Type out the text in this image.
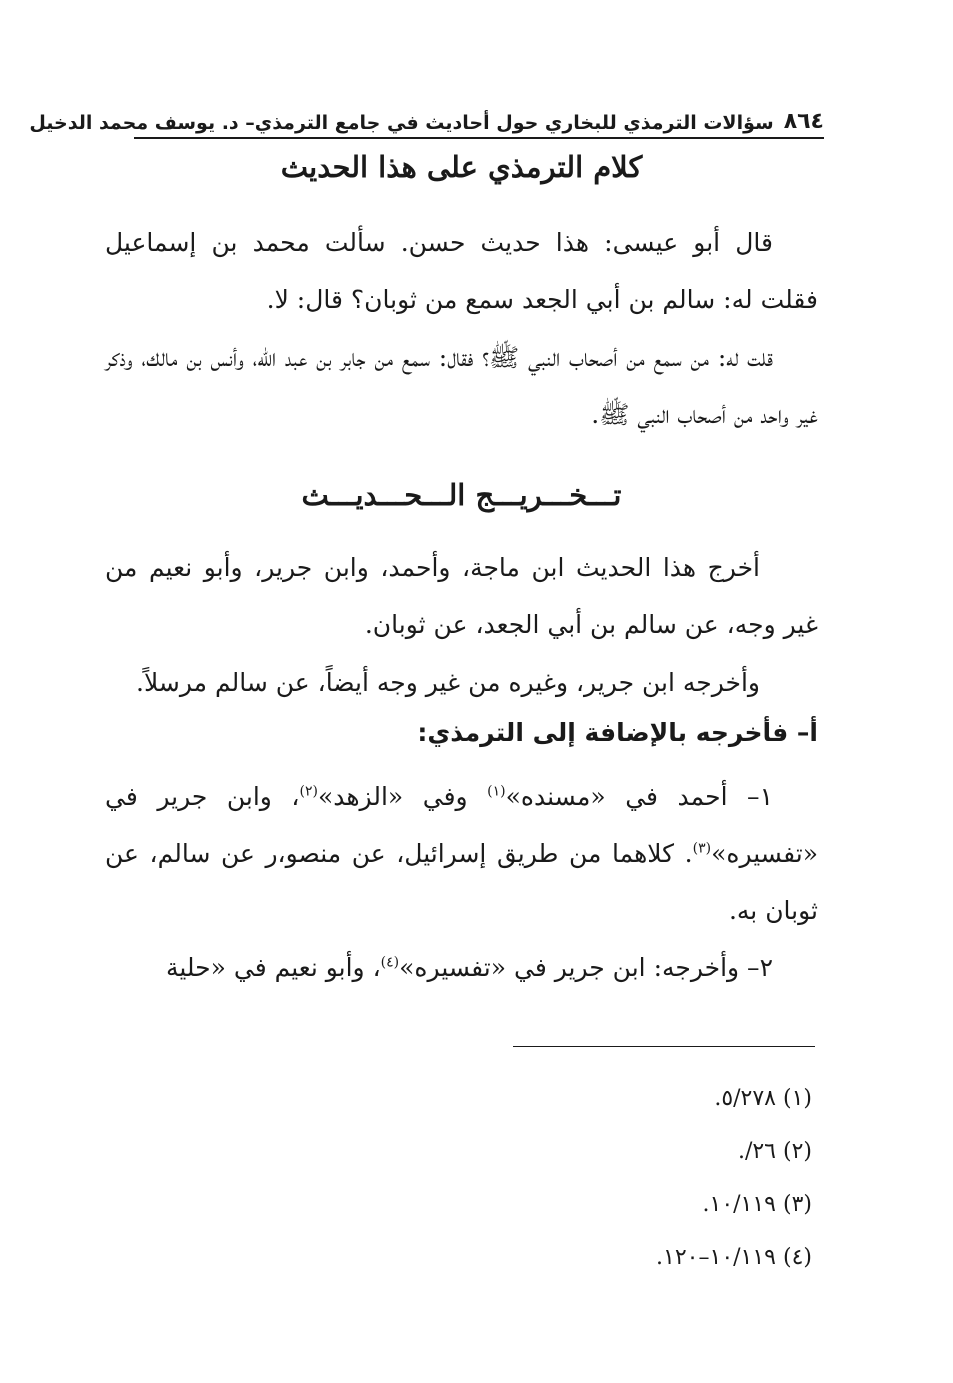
٨٦٤
سؤالات الترمذي للبخاري حول أحاديث في جامع الترمذي– د. يوسف محمد الدخيل
كلام الترمذي على هذا الحديث
قال أبو عيسى: هذا حديث حسن. سألت محمد بن إسماعيل فقلت له: سالم بن أبي الجعد سمع من ثوبان؟ قال: لا.
قلت له: من سمع من أصحاب النبي ﷺ؟ فقال: سمع من جابر بن عبد الله، وأنس بن مالك، وذكر غير واحد من أصحاب النبي ﷺ.
تـــخـــريـــج الـــحـــديـــث
أخرج هذا الحديث ابن ماجة، وأحمد، وابن جرير، وأبو نعيم من غير وجه، عن سالم بن أبي الجعد، عن ثوبان.
وأخرجه ابن جرير، وغيره من غير وجه أيضاً، عن سالم مرسلاً.
أ– فأخرجه بالإضافة إلى الترمذي:
١– أحمد في «مسنده»$^{(١)}$ وفي «الزهد»$^{(٢)}$، وابن جرير في «تفسيره»$^{(٣)}$. كلاهما من طريق إسرائيل، عن منصو،ر عن سالم، عن ثوبان به.
٢– وأخرجه: ابن جرير في «تفسيره»$^{(٤)}$، وأبو نعيم في «حلية
(١) ٥/٢٧٨.
(٢) ٢٦/.
(٣) ١٠/١١٩.
(٤) ١٠/١١٩–١٢٠.
